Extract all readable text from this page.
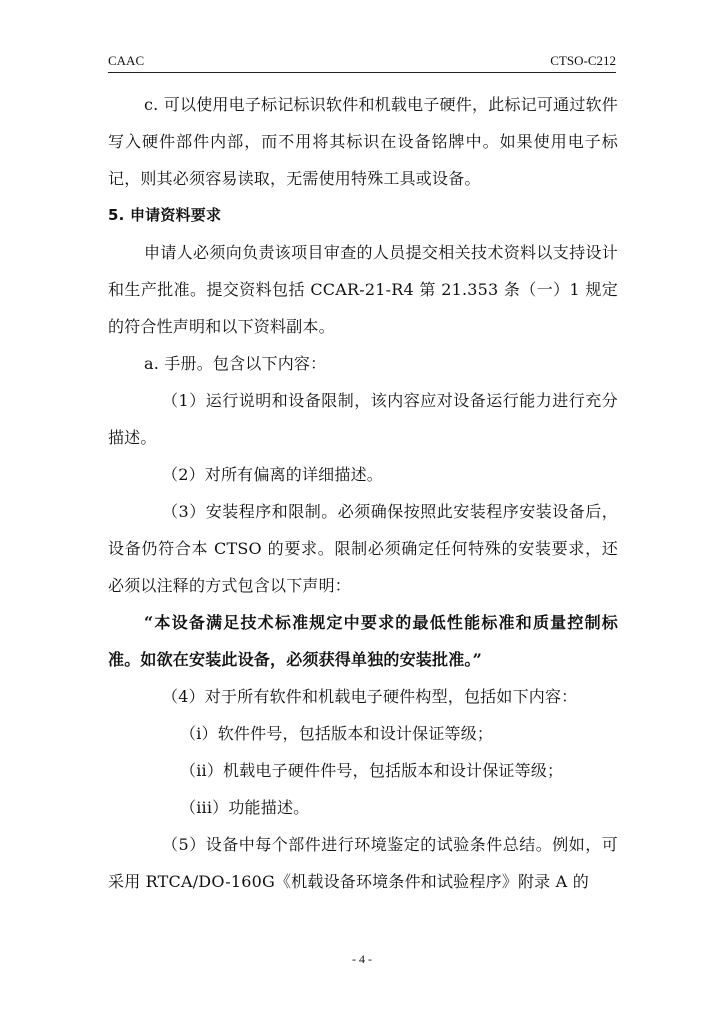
CAAC	CTSO-C212

c. 可以使用电子标记标识软件和机载电子硬件，此标记可通过软件写入硬件部件内部，而不用将其标识在设备铭牌中。如果使用电子标记，则其必须容易读取，无需使用特殊工具或设备。

5. 申请资料要求

申请人必须向负责该项目审查的人员提交相关技术资料以支持设计和生产批准。提交资料包括 CCAR-21-R4 第 21.353 条（一）1 规定的符合性声明和以下资料副本。

a. 手册。包含以下内容：

（1）运行说明和设备限制，该内容应对设备运行能力进行充分描述。

（2）对所有偏离的详细描述。

（3）安装程序和限制。必须确保按照此安装程序安装设备后，设备仍符合本 CTSO 的要求。限制必须确定任何特殊的安装要求，还必须以注释的方式包含以下声明：

“本设备满足技术标准规定中要求的最低性能标准和质量控制标准。如欲在安装此设备，必须获得单独的安装批准。”

（4）对于所有软件和机载电子硬件构型，包括如下内容：

（i）软件件号，包括版本和设计保证等级；

（ii）机载电子硬件件号，包括版本和设计保证等级；

（iii）功能描述。

（5）设备中每个部件进行环境鉴定的试验条件总结。例如，可采用 RTCA/DO-160G《机载设备环境条件和试验程序》附录 A 的

- 4 -
